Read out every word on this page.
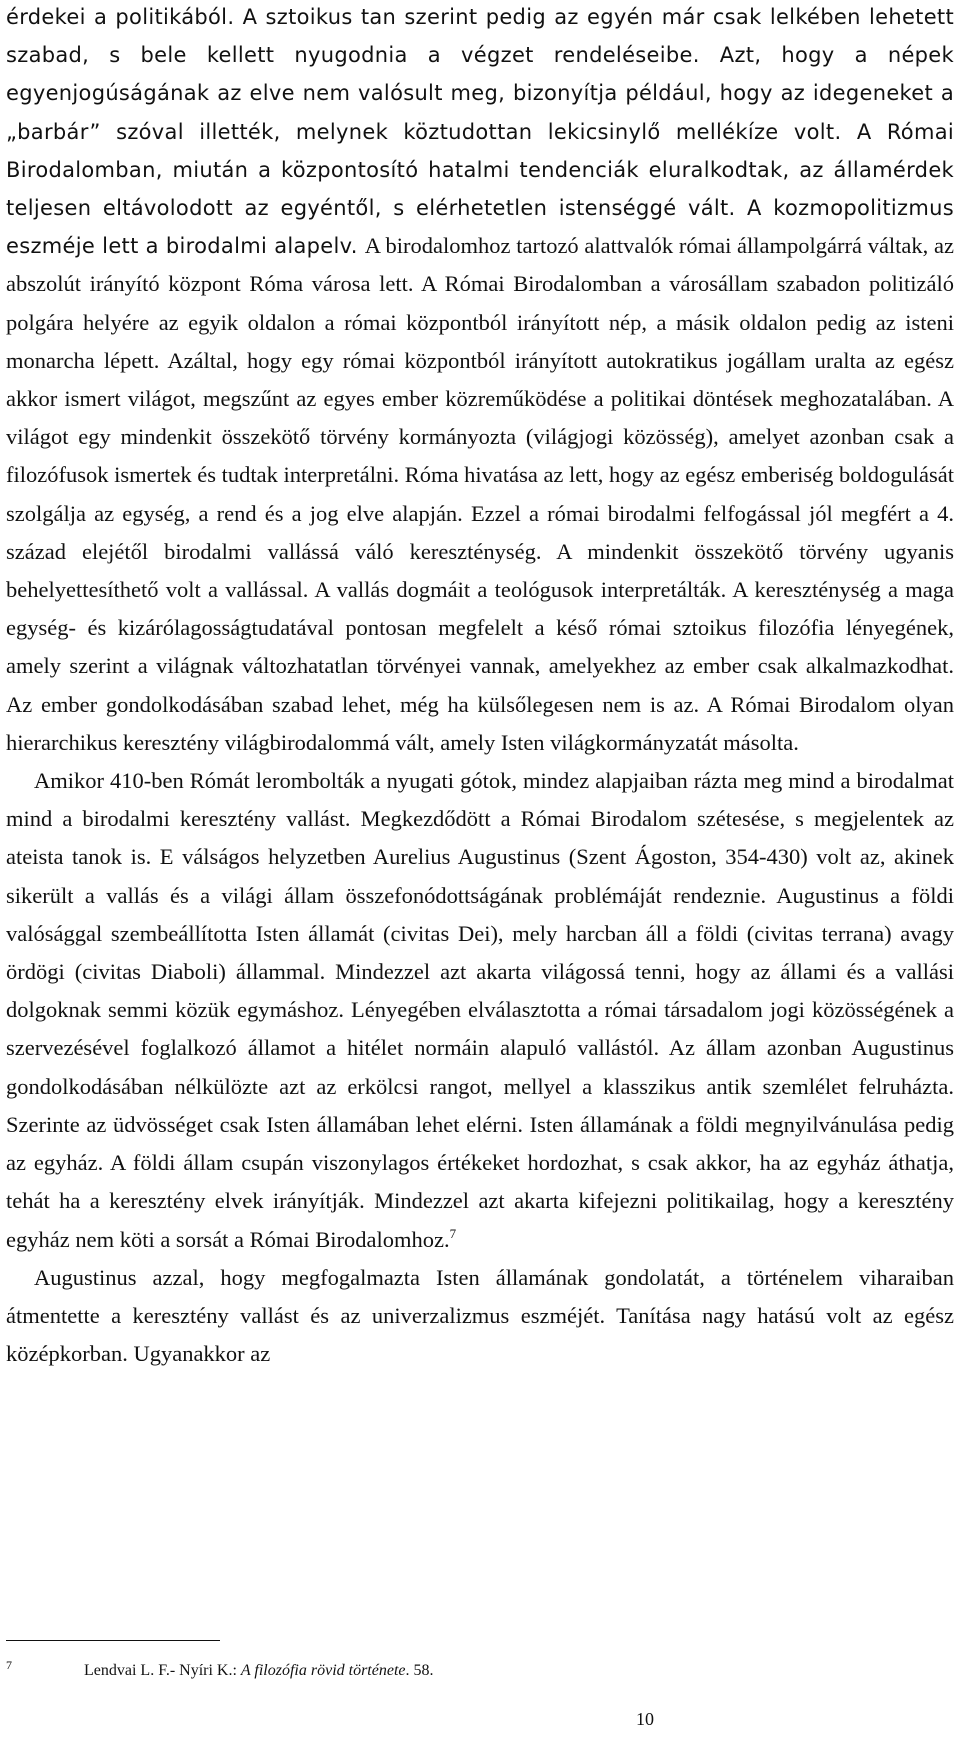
érdekei a politikából. A sztoikus tan szerint pedig az egyén már csak lelkében lehetett szabad, s bele kellett nyugodnia a végzet rendeléseibe. Azt, hogy a népek egyenjogúságának az elve nem valósult meg, bizonyítja például, hogy az idegeneket a „barbár” szóval illették, melynek köztudottan lekicsinylő mellékíze volt. A Római Birodalomban, miután a központosító hatalmi tendenciák eluralkodtak, az államérdek teljesen eltávolodott az egyéntől, s elérhetetlen istenséggé vált. A kozmopolitizmus eszméje lett a birodalmi alapelv. A birodalomhoz tartozó alattvalók római állampolgárrá váltak, az abszolút irányító központ Róma városa lett. A Római Birodalomban a városállam szabadon politizáló polgára helyére az egyik oldalon a római központból irányított nép, a másik oldalon pedig az isteni monarcha lépett. Azáltal, hogy egy római központból irányított autokratikus jogállam uralta az egész akkor ismert világot, megszűnt az egyes ember közreműködése a politikai döntések meghozatalában. A világot egy mindenkit összekötő törvény kormányozta (világjogi közösség), amelyet azonban csak a filozófusok ismertek és tudtak interpretálni. Róma hivatása az lett, hogy az egész emberiség boldogulását szolgálja az egység, a rend és a jog elve alapján. Ezzel a római birodalmi felfogással jól megfért a 4. század elejétől birodalmi vallássá váló kereszténység. A mindenkit összekötő törvény ugyanis behelyettesíthető volt a vallással. A vallás dogmáit a teológusok interpretálták. A kereszténység a maga egység- és kizárólagosságtudatával pontosan megfelelt a késő római sztoikus filozófia lényegének, amely szerint a világnak változhatatlan törvényei vannak, amelyekhez az ember csak alkalmazkodhat. Az ember gondolkodásában szabad lehet, még ha külsőlegesen nem is az. A Római Birodalom olyan hierarchikus keresztény világbirodalommá vált, amely Isten világkormányzatát másolta.

Amikor 410-ben Rómát lerombolták a nyugati gótok, mindez alapjaiban rázta meg mind a birodalmat mind a birodalmi keresztény vallást. Megkezdődött a Római Birodalom szétesése, s megjelentek az ateista tanok is. E válságos helyzetben Aurelius Augustinus (Szent Ágoston, 354-430) volt az, akinek sikerült a vallás és a világi állam összefonódottságának problémáját rendeznie. Augustinus a földi valósággal szembeállította Isten államát (civitas Dei), mely harcban áll a földi (civitas terrana) avagy ördögi (civitas Diaboli) állammal. Mindezzel azt akarta világossá tenni, hogy az állami és a vallási dolgoknak semmi közük egymáshoz. Lényegében elválasztotta a római társadalom jogi közösségének a szervezésével foglalkozó államot a hitélet normáin alapuló vallástól. Az állam azonban Augustinus gondolkodásában nélkülözte azt az erkölcsi rangot, mellyel a klasszikus antik szemlélet felruházta. Szerinte az üdvösséget csak Isten államában lehet elérni. Isten államának a földi megnyilvánulása pedig az egyház. A földi állam csupán viszonylagos értékeket hordozhat, s csak akkor, ha az egyház áthatja, tehát ha a keresztény elvek irányítják. Mindezzel azt akarta kifejezni politikailag, hogy a keresztény egyház nem köti a sorsát a Római Birodalomhoz.$^7$

Augustinus azzal, hogy megfogalmazta Isten államának gondolatát, a történelem viharaiban átmentette a keresztény vallást és az univerzalizmus eszméjét. Tanítása nagy hatású volt az egész középkorban. Ugyanakkor az

7	Lendvai L. F.- Nyíri K.: A filozófia rövid története. 58.
10
